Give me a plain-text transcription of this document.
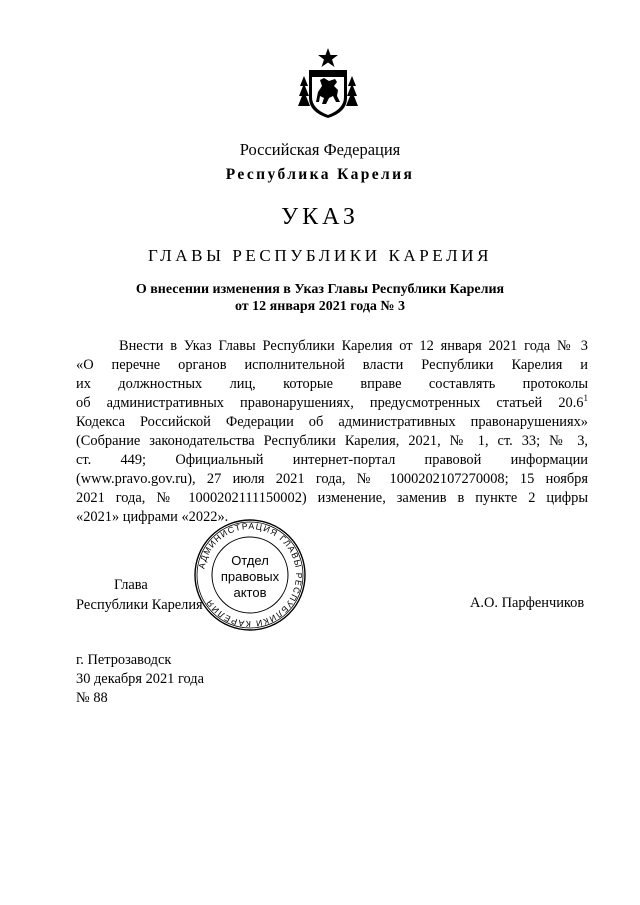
Российская Федерация
Республика Карелия
УКАЗ
ГЛАВЫ РЕСПУБЛИКИ КАРЕЛИЯ
О внесении изменения в Указ Главы Республики Карелия
от 12 января 2021 года № 3
Внести в Указ Главы Республики Карелия от 12 января 2021 года № 3
«О перечне органов исполнительной власти Республики Карелия и
их должностных лиц, которые вправе составлять протоколы
об административных правонарушениях, предусмотренных статьей 20.6$^1$
Кодекса Российской Федерации об административных правонарушениях»
(Собрание законодательства Республики Карелия, 2021, № 1, ст. 33; № 3,
ст. 449; Официальный интернет-портал правовой информации
(www.pravo.gov.ru), 27 июля 2021 года, № 1000202107270008; 15 ноября
2021 года, № 1000202111150002) изменение, заменив в пункте 2 цифры
«2021» цифрами «2022».
Глава
Республики Карелия
АДМИНИСТРАЦИЯ ГЛАВЫ РЕСПУБЛИКИ КАРЕЛИЯ
Отдел
правовых
актов
А.О. Парфенчиков
г. Петрозаводск
30 декабря 2021 года
№ 88
